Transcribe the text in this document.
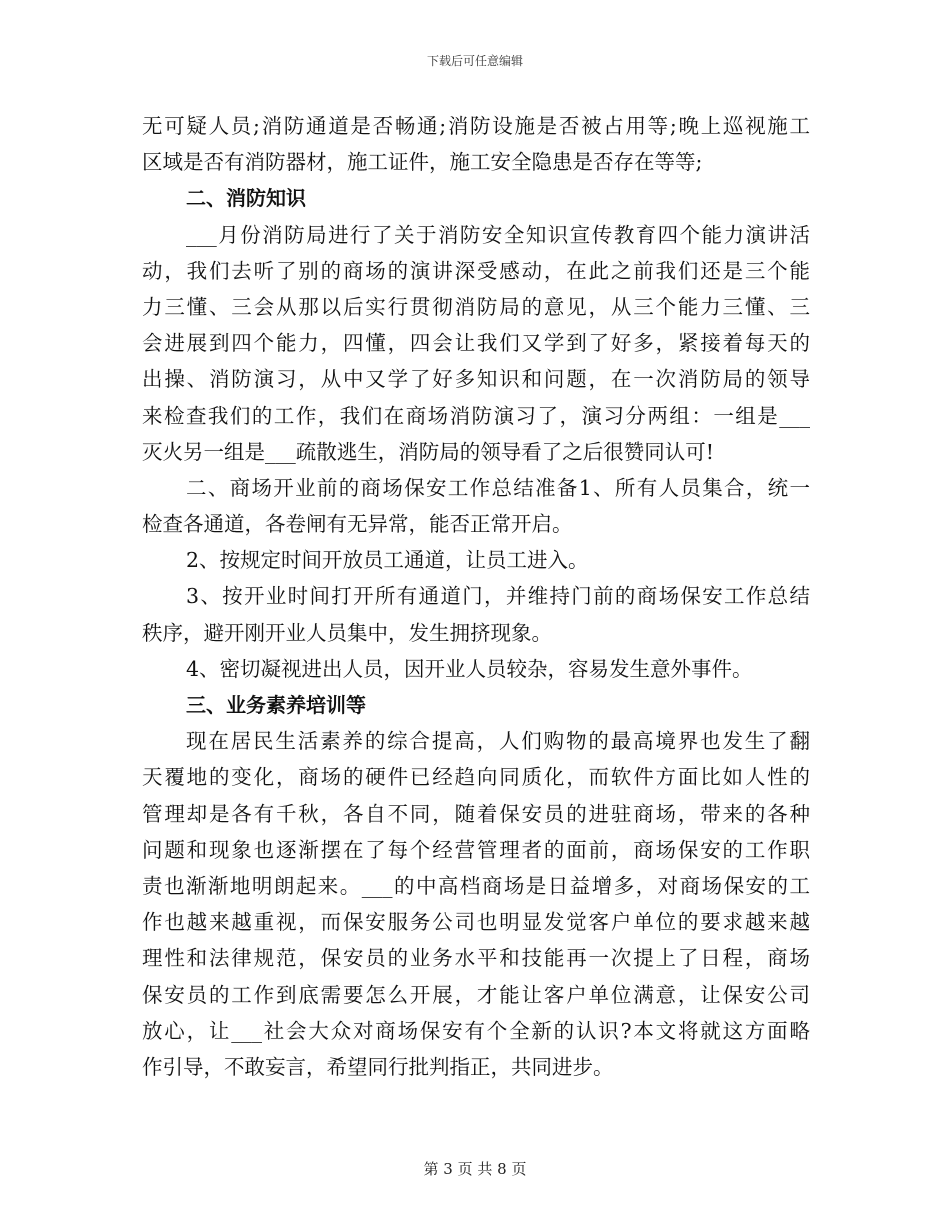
下载后可任意编辑
无可疑人员;消防通道是否畅通;消防设施是否被占用等;晚上巡视施工
区域是否有消防器材，施工证件，施工安全隐患是否存在等等;
二、消防知识
___月份消防局进行了关于消防安全知识宣传教育四个能力演讲活
动，我们去听了别的商场的演讲深受感动，在此之前我们还是三个能
力三懂、三会从那以后实行贯彻消防局的意见，从三个能力三懂、三
会进展到四个能力，四懂，四会让我们又学到了好多，紧接着每天的
出操、消防演习，从中又学了好多知识和问题，在一次消防局的领导
来检查我们的工作，我们在商场消防演习了，演习分两组：一组是___
灭火另一组是___疏散逃生，消防局的领导看了之后很赞同认可!
二、商场开业前的商场保安工作总结准备1、所有人员集合，统一
检查各通道，各卷闸有无异常，能否正常开启。
2、按规定时间开放员工通道，让员工进入。
3、按开业时间打开所有通道门，并维持门前的商场保安工作总结
秩序，避开刚开业人员集中，发生拥挤现象。
4、密切凝视进出人员，因开业人员较杂，容易发生意外事件。
三、业务素养培训等
现在居民生活素养的综合提高，人们购物的最高境界也发生了翻
天覆地的变化，商场的硬件已经趋向同质化，而软件方面比如人性的
管理却是各有千秋，各自不同，随着保安员的进驻商场，带来的各种
问题和现象也逐渐摆在了每个经营管理者的面前，商场保安的工作职
责也渐渐地明朗起来。___的中高档商场是日益增多，对商场保安的工
作也越来越重视，而保安服务公司也明显发觉客户单位的要求越来越
理性和法律规范，保安员的业务水平和技能再一次提上了日程，商场
保安员的工作到底需要怎么开展，才能让客户单位满意，让保安公司
放心，让___社会大众对商场保安有个全新的认识?本文将就这方面略
作引导，不敢妄言，希望同行批判指正，共同进步。
第 3 页 共 8 页
